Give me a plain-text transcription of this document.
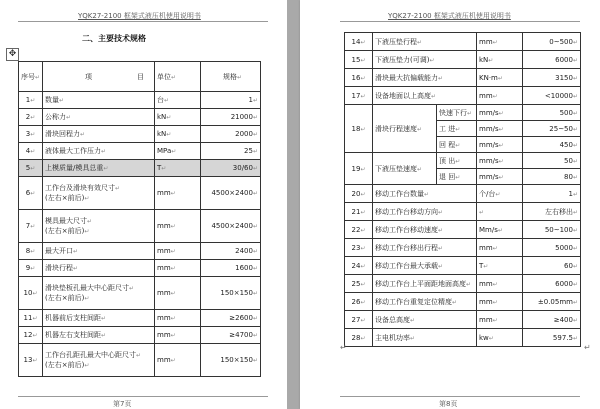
YQK27-2100 框架式液压机使用说明书
二、主要技术规格
✥
序号↵	项 目	单位↵	规格↵
1↵	数量↵	台↵	1↵
2↵	公称力↵	kN↵	21000↵
3↵	滑块回程力↵	kN↵	2000↵
4↵	液体最大工作压力↵	MPa↵	25↵
5↵	上模质量/模具总重↵	T↵	30/60↵
6↵	工作台及滑块有效尺寸↵
(左右×前后)↵	mm↵	4500×2400↵
7↵	模具最大尺寸↵
(左右×前后)↵	mm↵	4500×2400↵
8↵	最大开口↵	mm↵	2400↵
9↵	滑块行程↵	mm↵	1600↵
10↵	滑块垫板孔最大中心距尺寸↵
(左右×前后)↵	mm↵	150×150↵
11↵	机器前后支柱间距↵	mm↵	≥2600↵
12↵	机器左右支柱间距↵	mm↵	≥4700↵
13↵	工作台孔距孔最大中心距尺寸↵
(左右×前后)↵	mm↵	150×150↵
第7页
YQK27-2100 框架式液压机使用说明书
14↵	下液压垫行程↵		mm↵	0~500↵
15↵	下液压垫力(可调)↵		kN↵	6000↵
16↵	滑块最大抗偏载能力↵		KN·m↵	3150↵
17↵	设备地面以上高度↵		mm↵	<10000↵
18↵	滑块行程速度↵	快速下行↵	mm/s↵	500↵
		工 进↵	mm/s↵	25~50↵
		回 程↵	mm/s↵	450↵
19↵	下液压垫速度↵	顶 出↵	mm/s↵	50↵
		退 回↵	mm/s↵	80↵
20↵	移动工作台数量↵		个/台↵	1↵
21↵	移动工作台移动方向↵		↵	左右移出↵
22↵	移动工作台移动速度↵		Mm/s↵	50~100↵
23↵	移动工作台移出行程↵		mm↵	5000↵
24↵	移动工作台最大承载↵		T↵	60↵
25↵	移动工作台上平面距地面高度↵		mm↵	6000↵
26↵	移动工作台重复定位精度↵		mm↵	±0.05mm↵
27↵	设备总高度↵		mm↵	≥400↵
28↵	主电机功率↵		kw↵	597.5↵
↵	↵
第8页
